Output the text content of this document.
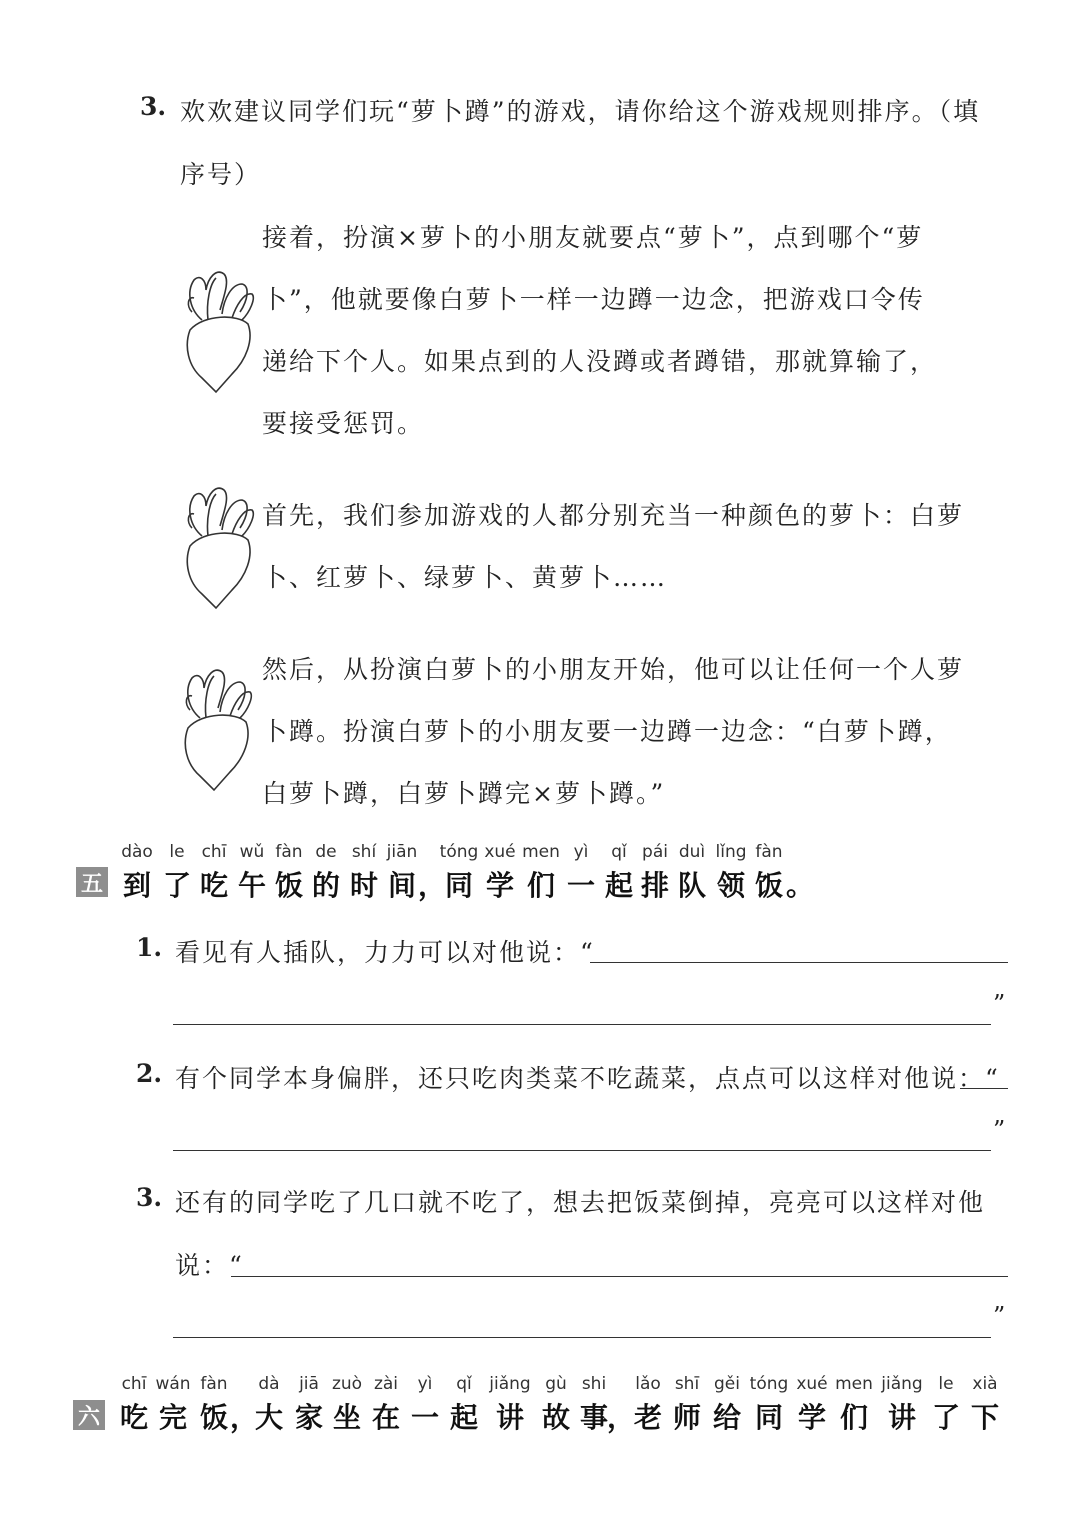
3. 欢欢建议同学们玩“萝卜蹲”的游戏，请你给这个游戏规则排序。（填
序号）
接着，扮演×萝卜的小朋友就要点“萝卜”，点到哪个“萝
卜”，他就要像白萝卜一样一边蹲一边念，把游戏口令传
递给下个人。如果点到的人没蹲或者蹲错，那就算输了，
要接受惩罚。
首先，我们参加游戏的人都分别充当一种颜色的萝卜：白萝
卜、红萝卜、绿萝卜、黄萝卜……
然后，从扮演白萝卜的小朋友开始，他可以让任何一个人萝
卜蹲。扮演白萝卜的小朋友要一边蹲一边念：“白萝卜蹲，
白萝卜蹲，白萝卜蹲完×萝卜蹲。”
dào le chī wǔ fàn de shí jiān tóng xué men yì qǐ pái duì lǐng fàn
五 到 了 吃 午 饭 的 时 间 ，
同 学 们 一 起 排 队 领 饭 。
1. 看见有人插队，力力可以对他说：“
”
2. 有个同学本身偏胖，还只吃肉类菜不吃蔬菜，点点可以这样对他说：“
”
3. 还有的同学吃了几口就不吃了，想去把饭菜倒掉，亮亮可以这样对他
说：“
”
chī wán fàn dà jiā zuò zài yì qǐ jiǎng gù shi lǎo shī gěi tóng xué men jiǎng le xià
六 吃 完 饭 ，
大 家 坐 在 一 起 讲 故 事
，
老 师 给 同 学 们 讲 了 下
